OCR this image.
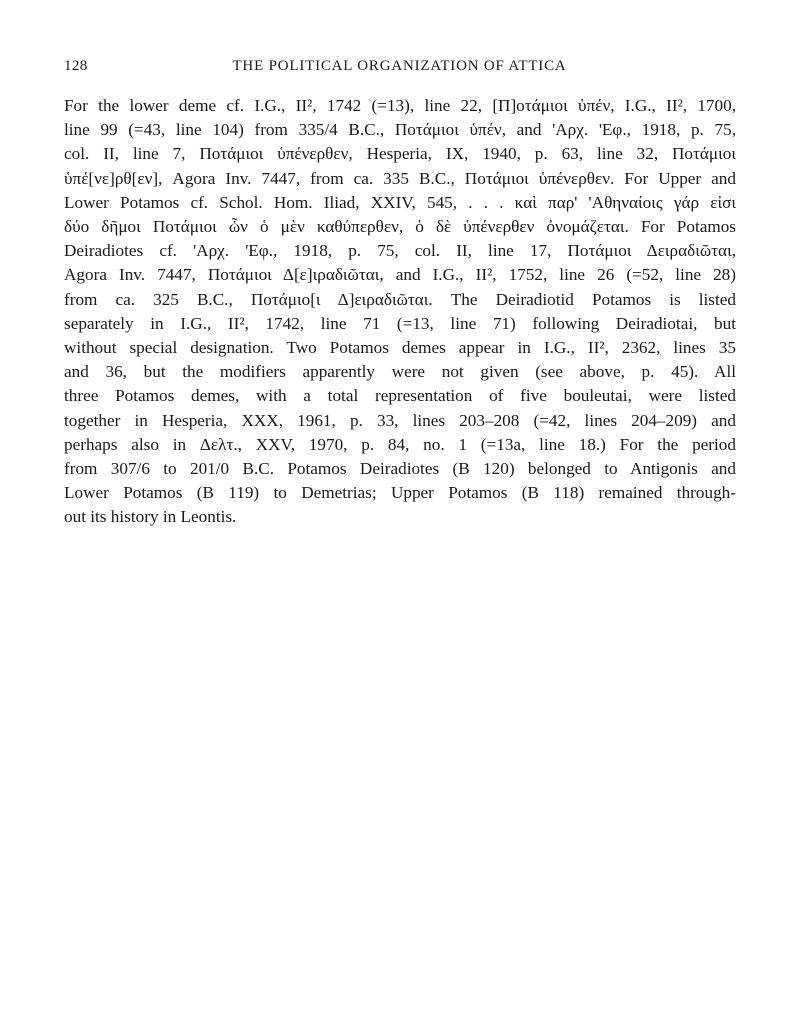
128	THE POLITICAL ORGANIZATION OF ATTICA
For the lower deme cf. I.G., II², 1742 (=13), line 22, [Π]οτάμιοι ὑπέν, I.G., II², 1700,
line 99 (=43, line 104) from 335/4 B.C., Ποτάμιοι ὑπέν, and 'Αρχ. 'Εφ., 1918, p. 75,
col. II, line 7, Ποτάμιοι ὑπένερθεν, Hesperia, IX, 1940, p. 63, line 32, Ποτάμιοι
ὑπέ[νε]ρθ[εν], Agora Inv. 7447, from ca. 335 B.C., Ποτάμιοι ὑπένερθεν. For Upper and
Lower Potamos cf. Schol. Hom. Iliad, XXIV, 545, . . . καὶ παρ' 'Αθηναίοις γάρ εἰσι
δύο δῆμοι Ποτάμιοι ὧν ὁ μὲν καθύπερθεν, ὁ δὲ ὑπένερθεν ὀνομάζεται. For Potamos
Deiradiotes cf. 'Αρχ. 'Εφ., 1918, p. 75, col. II, line 17, Ποτάμιοι Δειραδιῶται,
Agora Inv. 7447, Ποτάμιοι Δ[ε]ιραδιῶται, and I.G., II², 1752, line 26 (=52, line 28)
from ca. 325 B.C., Ποτάμιο[ι Δ]ειραδιῶται. The Deiradiotid Potamos is listed
separately in I.G., II², 1742, line 71 (=13, line 71) following Deiradiotai, but
without special designation. Two Potamos demes appear in I.G., II², 2362, lines 35
and 36, but the modifiers apparently were not given (see above, p. 45). All
three Potamos demes, with a total representation of five bouleutai, were listed
together in Hesperia, XXX, 1961, p. 33, lines 203–208 (=42, lines 204–209) and
perhaps also in Δελτ., XXV, 1970, p. 84, no. 1 (=13a, line 18.) For the period
from 307/6 to 201/0 B.C. Potamos Deiradiotes (B 120) belonged to Antigonis and
Lower Potamos (B 119) to Demetrias; Upper Potamos (B 118) remained through-
out its history in Leontis.
